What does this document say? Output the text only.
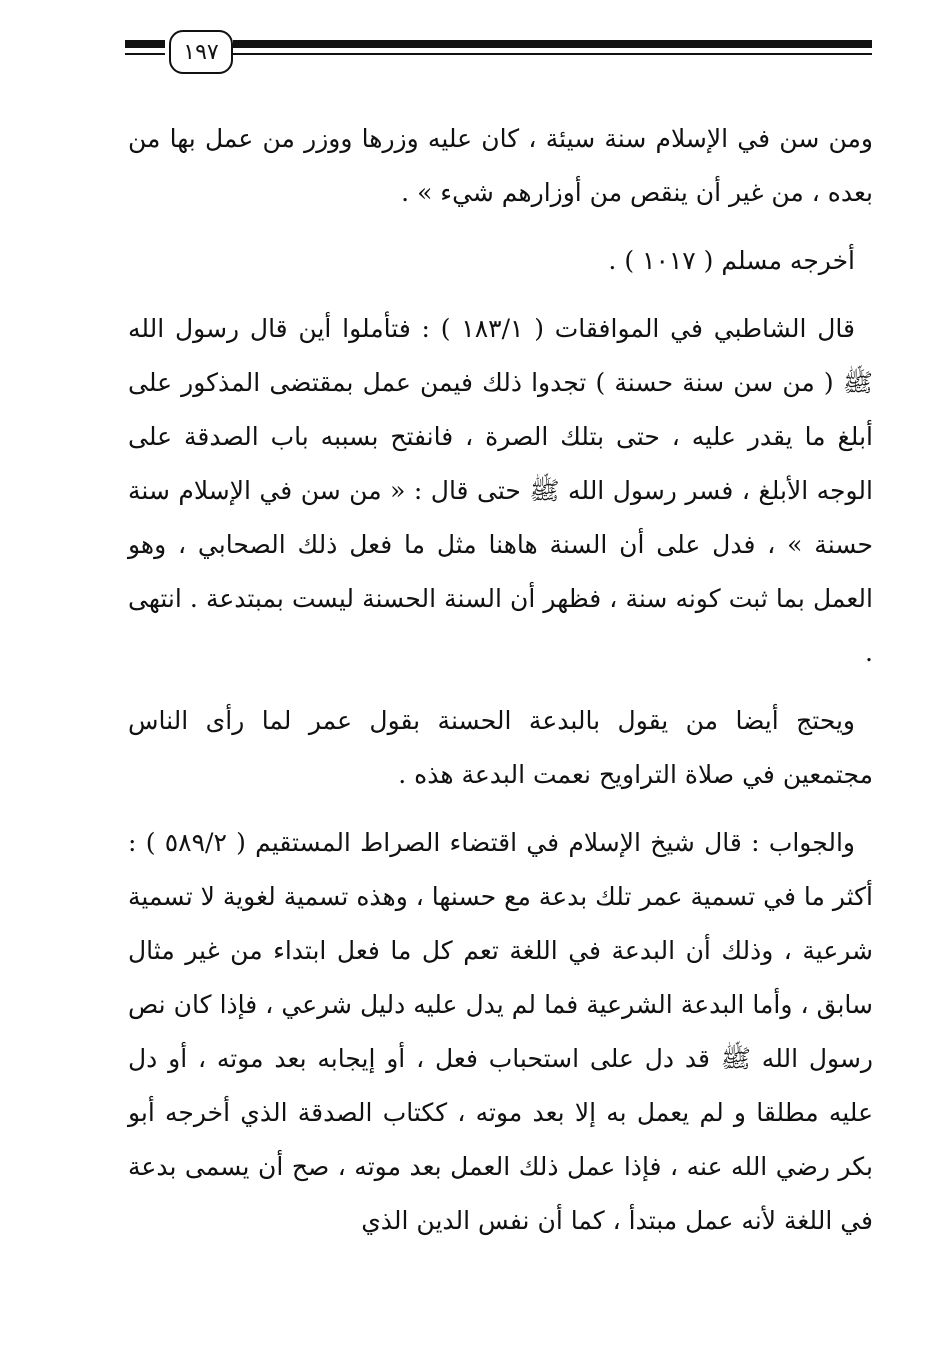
١٩٧

ومن سن في الإسلام سنة سيئة ، كان عليه وزرها ووزر من عمل بها من بعده ، من غير أن ينقص من أوزارهم شيء » .

أخرجه مسلم ( ١٠١٧ ) .

قال الشاطبي في الموافقات ( ١٨٣/١ ) : فتأملوا أين قال رسول الله ﷺ ( من سن سنة حسنة ) تجدوا ذلك فيمن عمل بمقتضى المذكور على أبلغ ما يقدر عليه ، حتى بتلك الصرة ، فانفتح بسببه باب الصدقة على الوجه الأبلغ ، فسر رسول الله ﷺ حتى قال : « من سن في الإسلام سنة حسنة » ، فدل على أن السنة هاهنا مثل ما فعل ذلك الصحابي ، وهو العمل بما ثبت كونه سنة ، فظهر أن السنة الحسنة ليست بمبتدعة . انتهى .

ويحتج أيضا من يقول بالبدعة الحسنة بقول عمر لما رأى الناس مجتمعين في صلاة التراويح نعمت البدعة هذه .

والجواب : قال شيخ الإسلام في اقتضاء الصراط المستقيم ( ٥٨٩/٢ ) : أكثر ما في تسمية عمر تلك بدعة مع حسنها ، وهذه تسمية لغوية لا تسمية شرعية ، وذلك أن البدعة في اللغة تعم كل ما فعل ابتداء من غير مثال سابق ، وأما البدعة الشرعية فما لم يدل عليه دليل شرعي ، فإذا كان نص رسول الله ﷺ قد دل على استحباب فعل ، أو إيجابه بعد موته ، أو دل عليه مطلقا و لم يعمل به إلا بعد موته ، ككتاب الصدقة الذي أخرجه أبو بكر رضي الله عنه ، فإذا عمل ذلك العمل بعد موته ، صح أن يسمى بدعة في اللغة لأنه عمل مبتدأ ، كما أن نفس الدين الذي
